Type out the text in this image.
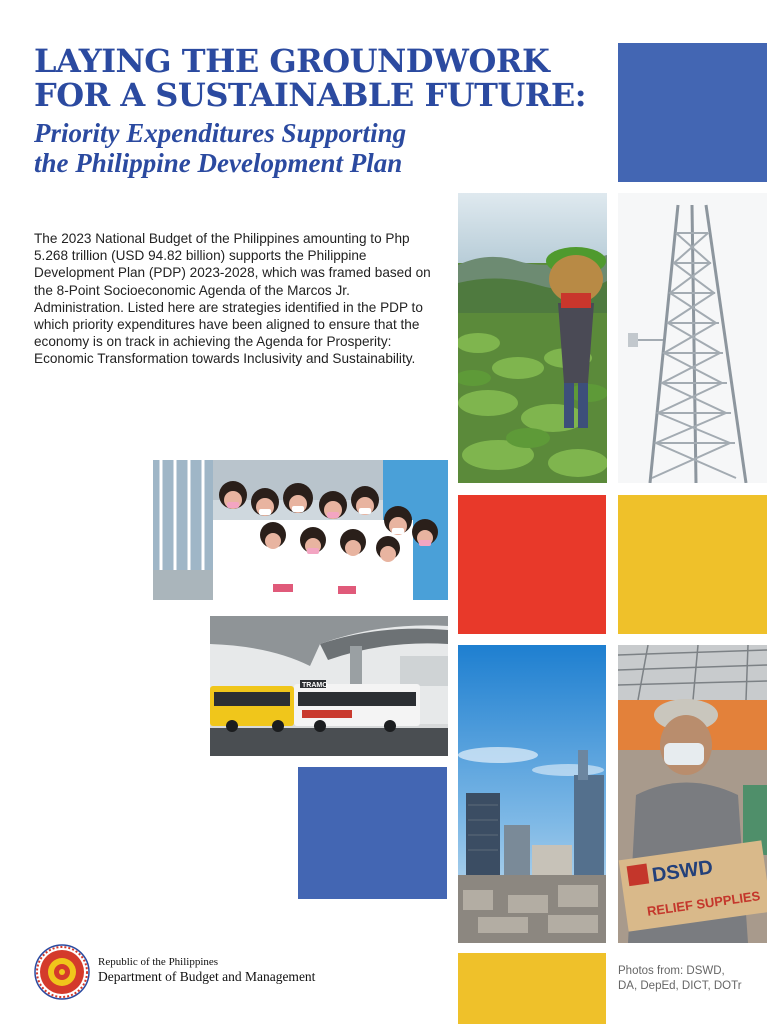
LAYING THE GROUNDWORK
FOR A SUSTAINABLE FUTURE:
Priority Expenditures Supporting
the Philippine Development Plan

The 2023 National Budget of the Philippines amounting to Php 5.268 trillion (USD 94.82 billion) supports the Philippine Development Plan (PDP) 2023-2028, which was framed based on the 8-Point Socioeconomic Agenda of the Marcos Jr. Administration. Listed here are strategies identified in the PDP to which priority expenditures have been aligned to ensure that the economy is on track in achieving the Agenda for Prosperity: Economic Transformation towards Inclusivity and Sustainability.

TRAMO
DSWD
RELIEF SUPPLIES
Republic of the Philippines
Department of Budget and Management	Photos from: DSWD,
DA, DepEd, DICT, DOTr
